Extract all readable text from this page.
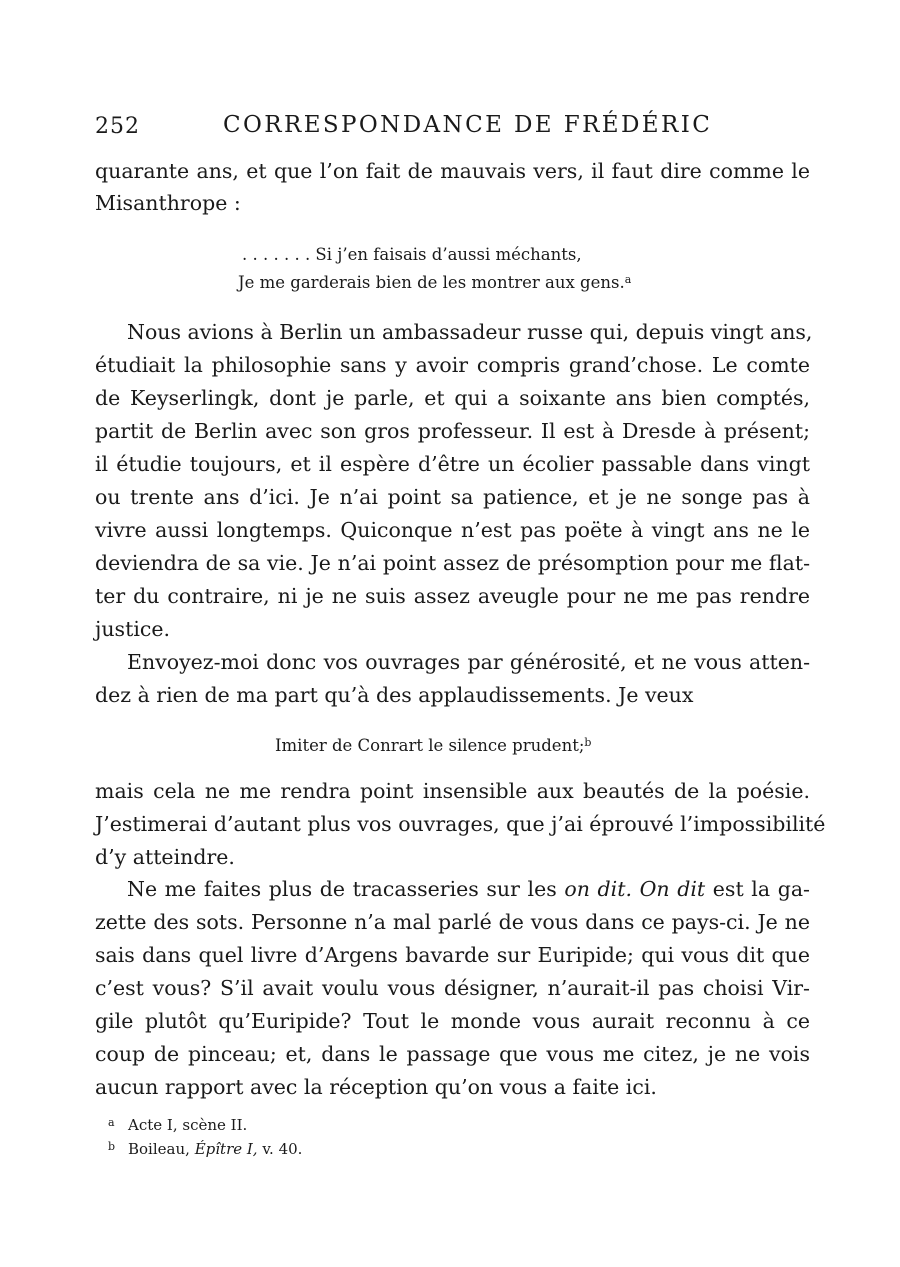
252	CORRESPONDANCE DE FRÉDÉRIC
quarante ans, et que l’on fait de mauvais vers, il faut dire comme le
Misanthrope :
. . . . . . . Si j’en faisais d’aussi méchants,
Je me garderais bien de les montrer aux gens.$^a$
Nous avions à Berlin un ambassadeur russe qui, depuis vingt ans,
étudiait la philosophie sans y avoir compris grand’chose. Le comte
de Keyserlingk, dont je parle, et qui a soixante ans bien comptés,
partit de Berlin avec son gros professeur. Il est à Dresde à présent;
il étudie toujours, et il espère d’être un écolier passable dans vingt
ou trente ans d’ici. Je n’ai point sa patience, et je ne songe pas à
vivre aussi longtemps. Quiconque n’est pas poëte à vingt ans ne le
deviendra de sa vie. Je n’ai point assez de présomption pour me flat-
ter du contraire, ni je ne suis assez aveugle pour ne me pas rendre
justice.
Envoyez-moi donc vos ouvrages par générosité, et ne vous atten-
dez à rien de ma part qu’à des applaudissements. Je veux
Imiter de Conrart le silence prudent;$^b$
mais cela ne me rendra point insensible aux beautés de la poésie.
J’estimerai d’autant plus vos ouvrages, que j’ai éprouvé l’impossibilité
d’y atteindre.
Ne me faites plus de tracasseries sur les on dit. On dit est la ga-
zette des sots. Personne n’a mal parlé de vous dans ce pays-ci. Je ne
sais dans quel livre d’Argens bavarde sur Euripide; qui vous dit que
c’est vous? S’il avait voulu vous désigner, n’aurait-il pas choisi Vir-
gile plutôt qu’Euripide? Tout le monde vous aurait reconnu à ce
coup de pinceau; et, dans le passage que vous me citez, je ne vois
aucun rapport avec la réception qu’on vous a faite ici.
a Acte I, scène II.
b Boileau, Épître I, v. 40.
